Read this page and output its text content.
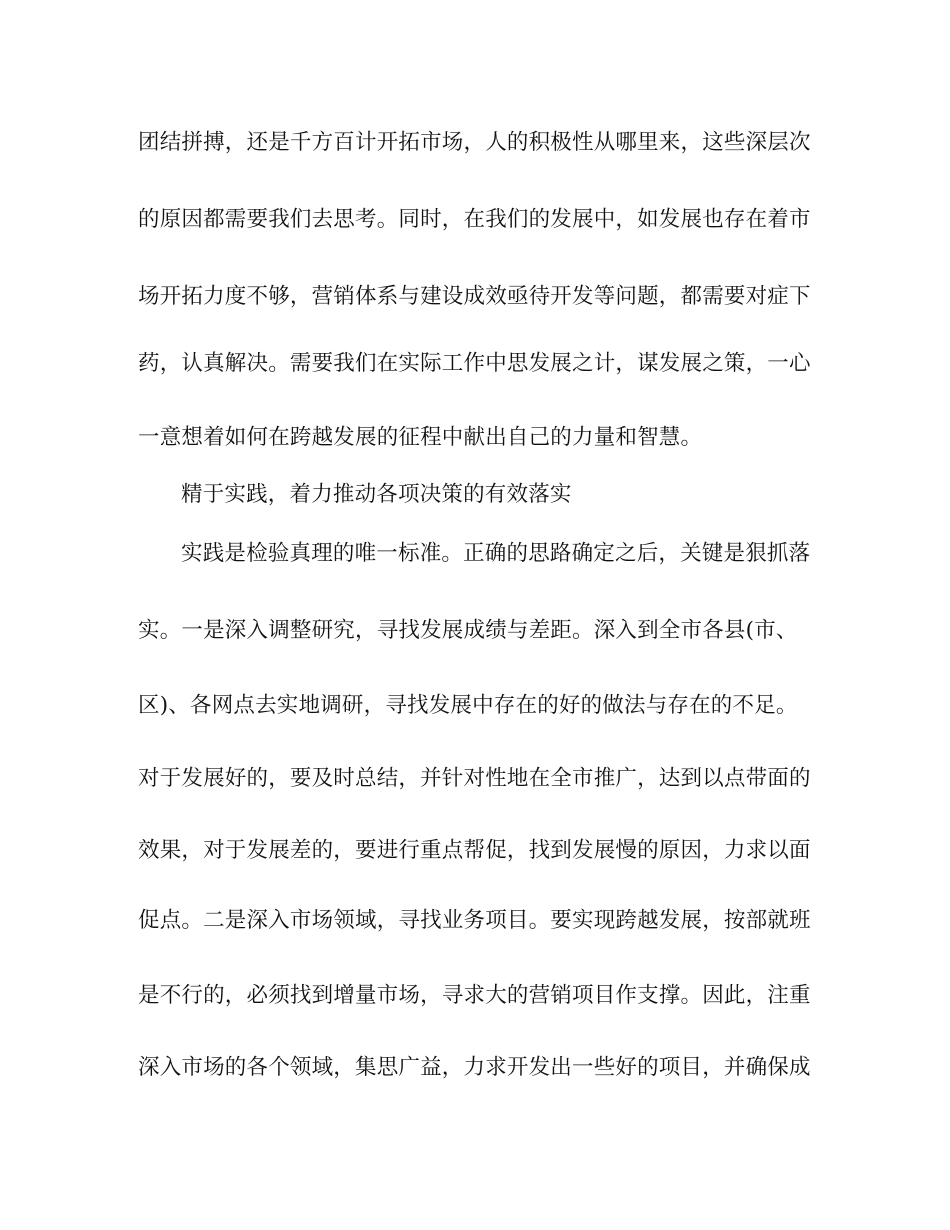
团结拼搏，还是千方百计开拓市场，人的积极性从哪里来，这些深层次
的原因都需要我们去思考。同时，在我们的发展中，如发展也存在着市
场开拓力度不够，营销体系与建设成效亟待开发等问题，都需要对症下
药，认真解决。需要我们在实际工作中思发展之计，谋发展之策，一心
一意想着如何在跨越发展的征程中献出自己的力量和智慧。
精于实践，着力推动各项决策的有效落实
实践是检验真理的唯一标准。正确的思路确定之后，关键是狠抓落
实。一是深入调整研究，寻找发展成绩与差距。深入到全市各县(市、
区)、各网点去实地调研，寻找发展中存在的好的做法与存在的不足。
对于发展好的，要及时总结，并针对性地在全市推广，达到以点带面的
效果，对于发展差的，要进行重点帮促，找到发展慢的原因，力求以面
促点。二是深入市场领域，寻找业务项目。要实现跨越发展，按部就班
是不行的，必须找到增量市场，寻求大的营销项目作支撑。因此，注重
深入市场的各个领域，集思广益，力求开发出一些好的项目，并确保成
